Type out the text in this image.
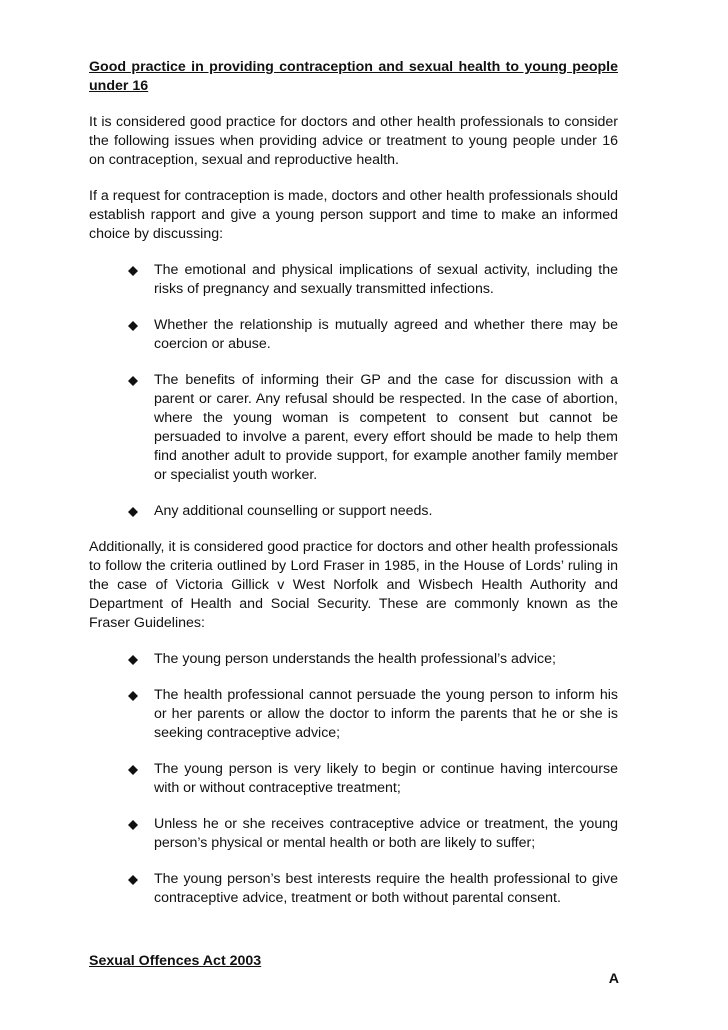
Good practice in providing contraception and sexual health to young people under 16

It is considered good practice for doctors and other health professionals to consider the following issues when providing advice or treatment to young people under 16 on contraception, sexual and reproductive health.

If a request for contraception is made, doctors and other health professionals should establish rapport and give a young person support and time to make an informed choice by discussing:

The emotional and physical implications of sexual activity, including the risks of pregnancy and sexually transmitted infections.
Whether the relationship is mutually agreed and whether there may be coercion or abuse.
The benefits of informing their GP and the case for discussion with a parent or carer. Any refusal should be respected. In the case of abortion, where the young woman is competent to consent but cannot be persuaded to involve a parent, every effort should be made to help them find another adult to provide support, for example another family member or specialist youth worker.
Any additional counselling or support needs.

Additionally, it is considered good practice for doctors and other health professionals to follow the criteria outlined by Lord Fraser in 1985, in the House of Lords’ ruling in the case of Victoria Gillick v West Norfolk and Wisbech Health Authority and Department of Health and Social Security. These are commonly known as the Fraser Guidelines:

The young person understands the health professional’s advice;
The health professional cannot persuade the young person to inform his or her parents or allow the doctor to inform the parents that he or she is seeking contraceptive advice;
The young person is very likely to begin or continue having intercourse with or without contraceptive treatment;
Unless he or she receives contraceptive advice or treatment, the young person’s physical or mental health or both are likely to suffer;
The young person’s best interests require the health professional to give contraceptive advice, treatment or both without parental consent.
Sexual Offences Act 2003
A
